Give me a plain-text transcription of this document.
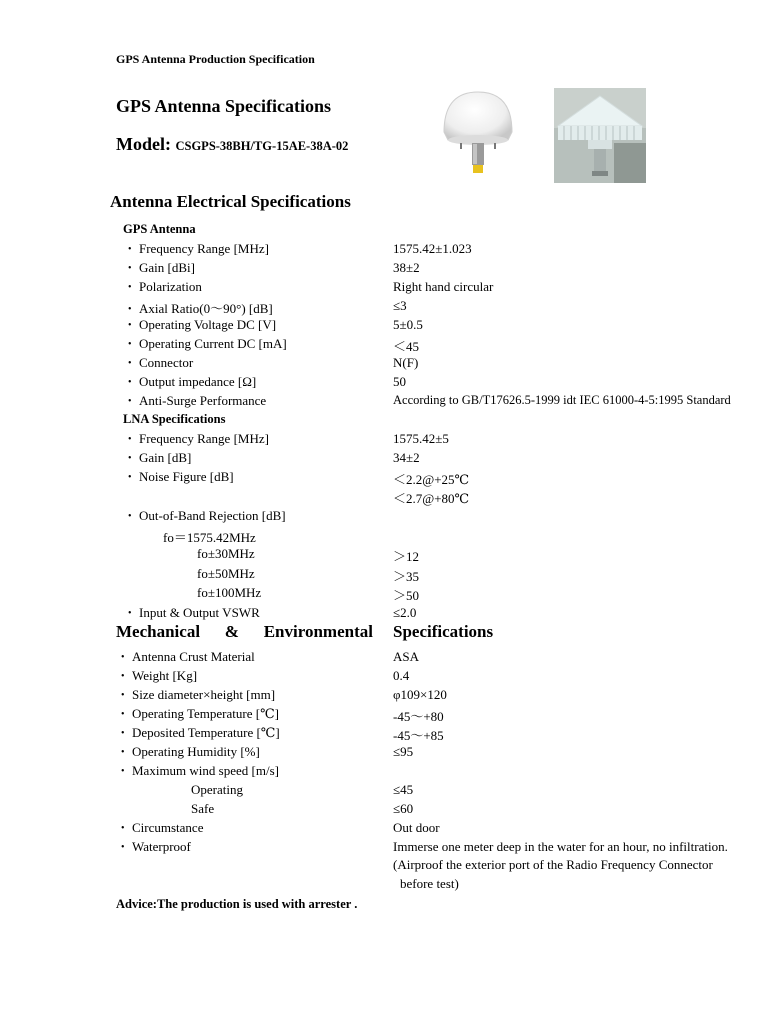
GPS Antenna Production Specification
GPS Antenna Specifications
Model: CSGPS-38BH/TG-15AE-38A-02
Antenna Electrical Specifications
GPS Antenna
• Frequency Range [MHz]	1575.42±1.023
• Gain [dBi]	38±2
• Polarization	Right hand circular
• Axial Ratio(0～90°) [dB]	≤3
• Operating Voltage DC [V]	5±0.5
• Operating Current DC [mA]	＜45
• Connector	N(F)
• Output impedance [Ω]	50
• Anti-Surge Performance	According to GB/T17626.5-1999 idt IEC 61000-4-5:1995 Standard
LNA Specifications
• Frequency Range [MHz]	1575.42±5
• Gain [dB]	34±2
• Noise Figure [dB]	＜2.2@+25℃
＜2.7@+80℃
• Out-of-Band Rejection [dB]
fo＝1575.42MHz
fo±30MHz	＞12
fo±50MHz	＞35
fo±100MHz	＞50
• Input & Output VSWR	≤2.0
Mechanical & Environmental Specifications
• Antenna Crust Material	ASA
• Weight [Kg]	0.4
• Size diameter×height [mm]	φ109×120
• Operating Temperature [℃]	-45～+80
• Deposited Temperature [℃]	-45～+85
• Operating Humidity [%]	≤95
• Maximum wind speed [m/s]
Operating	≤45
Safe	≤60
• Circumstance	Out door
• Waterproof	Immerse one meter deep in the water for an hour, no infiltration.
(Airproof the exterior port of the Radio Frequency Connector
before test)
Advice:The production is used with arrester .
